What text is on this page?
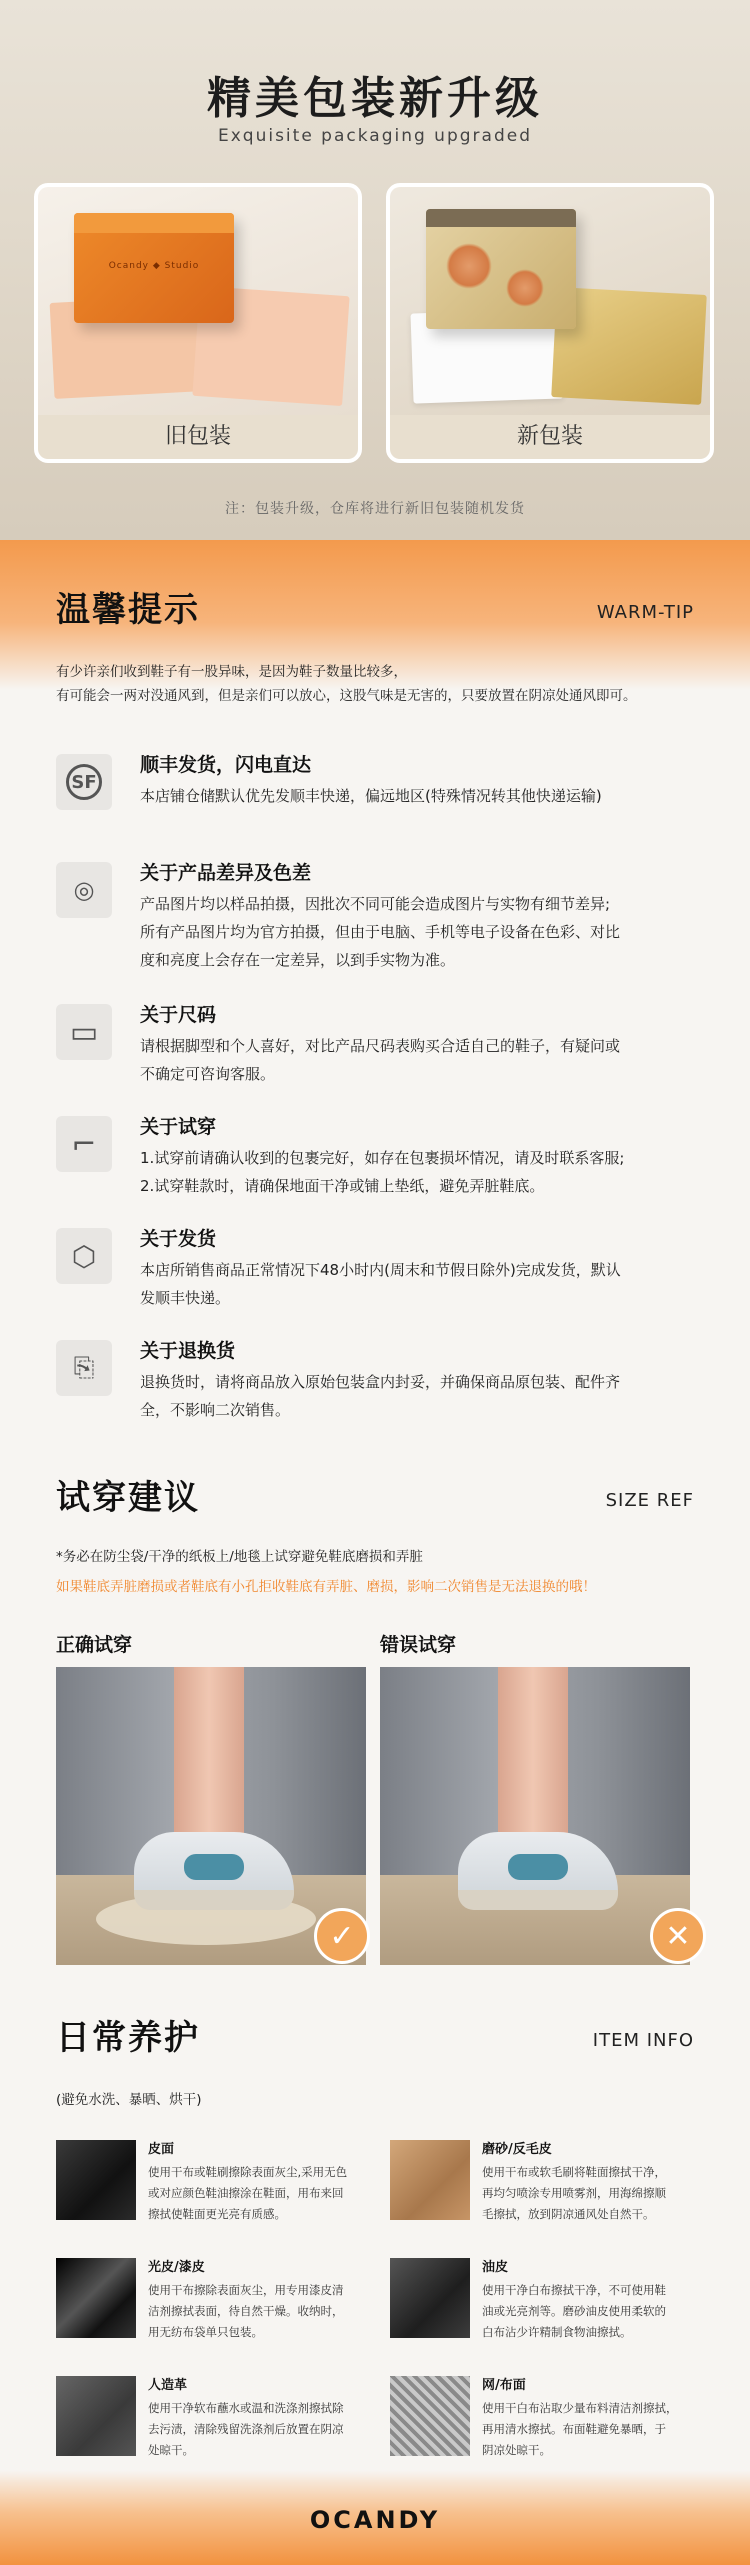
精美包装新升级
Exquisite packaging upgraded
Ocandy ◆ Studio
旧包装	新包装
注：包装升级，仓库将进行新旧包装随机发货
温馨提示	WARM-TIP
有少许亲们收到鞋子有一股异味，是因为鞋子数量比较多，
有可能会一两对没通风到，但是亲们可以放心，这股气味是无害的，只要放置在阴凉处通风即可。
SF
顺丰发货，闪电直达
本店铺仓储默认优先发顺丰快递，偏远地区(特殊情况转其他快递运输)
◎
关于产品差异及色差
产品图片均以样品拍摄，因批次不同可能会造成图片与实物有细节差异;
所有产品图片均为官方拍摄，但由于电脑、手机等电子设备在色彩、对比
度和亮度上会存在一定差异，以到手实物为准。
▭ 关于尺码
请根据脚型和个人喜好，对比产品尺码表购买合适自己的鞋子，有疑问或
不确定可咨询客服。
⌐ 关于试穿
1.试穿前请确认收到的包裹完好，如存在包裹损坏情况，请及时联系客服;
2.试穿鞋款时，请确保地面干净或铺上垫纸，避免弄脏鞋底。
⬡
关于发货
本店所销售商品正常情况下48小时内(周末和节假日除外)完成发货，默认
发顺丰快递。
⎘
关于退换货
退换货时，请将商品放入原始包装盒内封妥，并确保商品原包装、配件齐
全，不影响二次销售。
试穿建议	SIZE REF
*务必在防尘袋/干净的纸板上/地毯上试穿避免鞋底磨损和弄脏
如果鞋底弄脏磨损或者鞋底有小孔拒收鞋底有弄脏、磨损，影响二次销售是无法退换的哦！
正确试穿	错误试穿
✓	✕
日常养护	ITEM INFO
(避免水洗、暴晒、烘干)
皮面
使用干布或鞋刷擦除表面灰尘,采用无色
或对应颜色鞋油擦涂在鞋面，用布来回
擦拭使鞋面更光亮有质感。
磨砂/反毛皮
使用干布或软毛刷将鞋面擦拭干净，
再均匀喷涂专用喷雾剂，用海绵擦顺
毛擦拭，放到阴凉通风处自然干。
光皮/漆皮
使用干布擦除表面灰尘，用专用漆皮清
洁剂擦拭表面，待自然干燥。收纳时，
用无纺布袋单只包装。
油皮
使用干净白布擦拭干净，不可使用鞋
油或光亮剂等。磨砂油皮使用柔软的
白布沾少许精制食物油擦拭。
人造革
使用干净软布蘸水或温和洗涤剂擦拭除
去污渍，清除残留洗涤剂后放置在阴凉
处晾干。
网/布面
使用干白布沾取少量布料清洁剂擦拭，
再用清水擦拭。布面鞋避免暴晒，于
阴凉处晾干。
OCANDY
